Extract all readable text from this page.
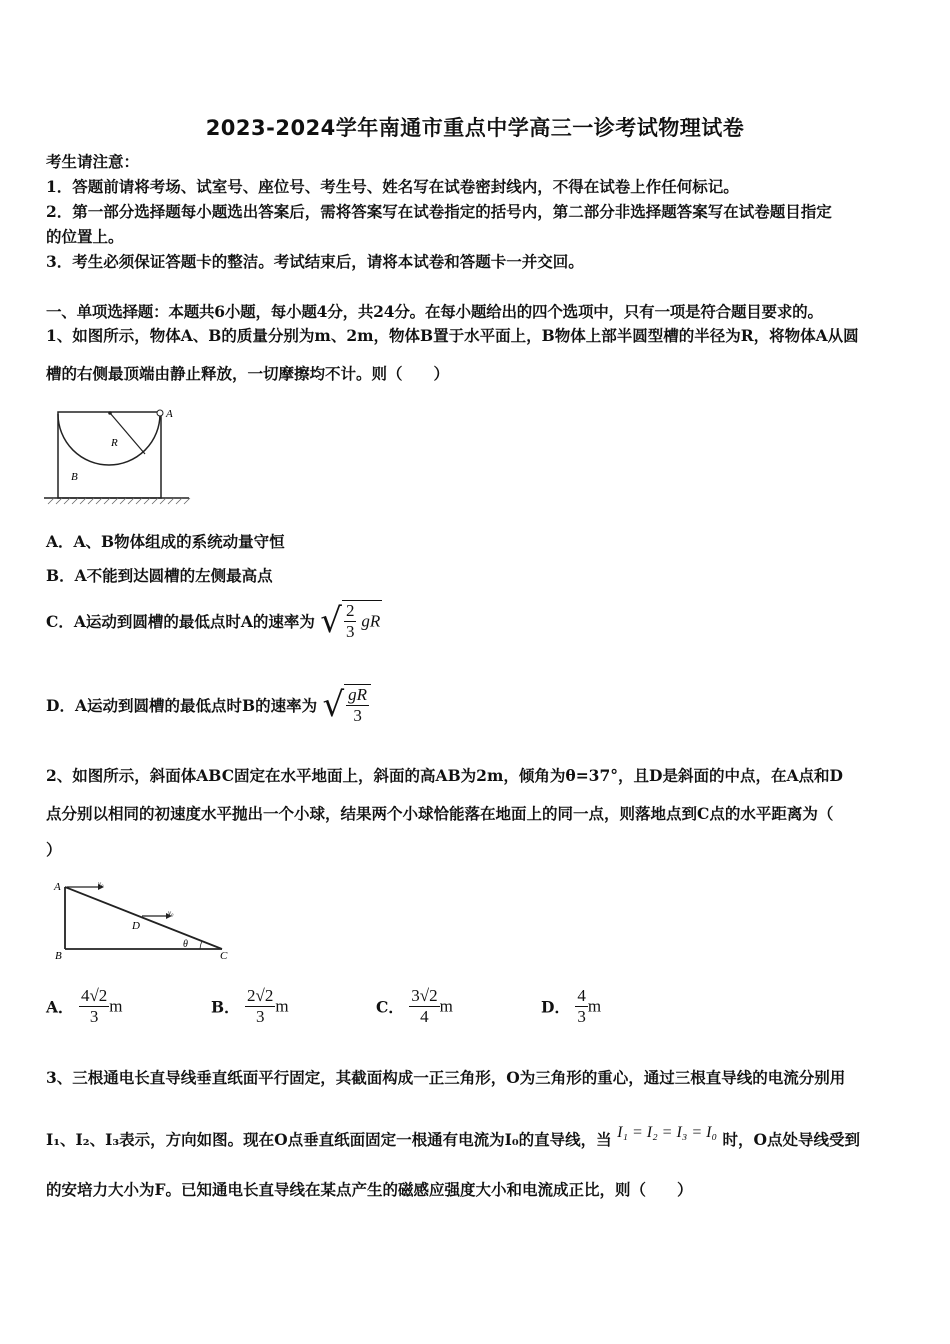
2023-2024学年南通市重点中学高三一诊考试物理试卷
考生请注意：
1．答题前请将考场、试室号、座位号、考生号、姓名写在试卷密封线内，不得在试卷上作任何标记。
2．第一部分选择题每小题选出答案后，需将答案写在试卷指定的括号内，第二部分非选择题答案写在试卷题目指定
的位置上。
3．考生必须保证答题卡的整洁。考试结束后，请将本试卷和答题卡一并交回。
一、单项选择题：本题共6小题，每小题4分，共24分。在每小题给出的四个选项中，只有一项是符合题目要求的。
1、如图所示，物体A、B的质量分别为m、2m，物体B置于水平面上，B物体上部半圆型槽的半径为R，将物体A从圆
槽的右侧最顶端由静止释放，一切摩擦均不计。则（　　）
A
R
B
A．A、B物体组成的系统动量守恒
B．A不能到达圆槽的左侧最高点
C．A运动到圆槽的最低点时A的速率为 √ $\frac{2}{3}$ gR
D．A运动到圆槽的最低点时B的速率为 √ $\frac{gR}{3}$
2、如图所示，斜面体ABC固定在水平地面上，斜面的高AB为2m，倾角为θ=37°，且D是斜面的中点，在A点和D
点分别以相同的初速度水平抛出一个小球，结果两个小球恰能落在地面上的同一点，则落地点到C点的水平距离为（
）
A
B	C
D
θ
v₀
v₀
A． $\frac{4√2}{3}$ m	B． $\frac{2√2}{3}$ m	C． $\frac{3√2}{4}$ m	D． $\frac{4}{3}$ m
3、三根通电长直导线垂直纸面平行固定，其截面构成一正三角形，O为三角形的重心，通过三根直导线的电流分别用
I₁、I₂、I₃表示，方向如图。现在O点垂直纸面固定一根通有电流为I₀的直导线，当 I₁ = I₂ = I₃ = I₀ 时，O点处导线受到
的安培力大小为F。已知通电长直导线在某点产生的磁感应强度大小和电流成正比，则（　　）
